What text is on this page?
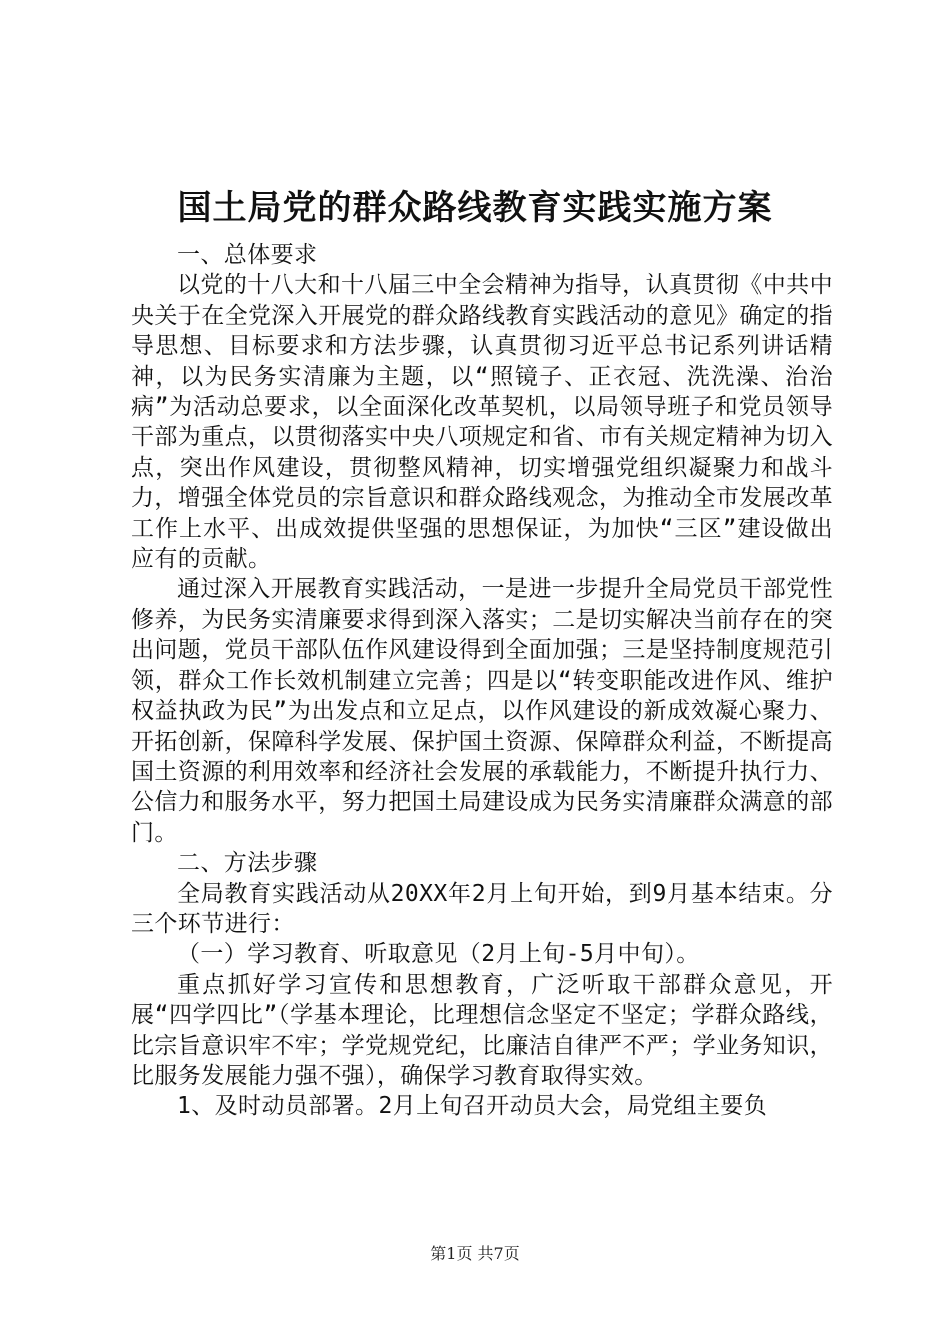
国土局党的群众路线教育实践实施方案

一、总体要求

以党的十八大和十八届三中全会精神为指导，认真贯彻《中共中央关于在全党深入开展党的群众路线教育实践活动的意见》确定的指导思想、目标要求和方法步骤，认真贯彻习近平总书记系列讲话精神，以为民务实清廉为主题，以“照镜子、正衣冠、洗洗澡、治治病”为活动总要求，以全面深化改革契机，以局领导班子和党员领导干部为重点，以贯彻落实中央八项规定和省、市有关规定精神为切入点，突出作风建设，贯彻整风精神，切实增强党组织凝聚力和战斗力，增强全体党员的宗旨意识和群众路线观念，为推动全市发展改革工作上水平、出成效提供坚强的思想保证，为加快“三区”建设做出应有的贡献。

通过深入开展教育实践活动，一是进一步提升全局党员干部党性修养，为民务实清廉要求得到深入落实；二是切实解决当前存在的突出问题，党员干部队伍作风建设得到全面加强；三是坚持制度规范引领，群众工作长效机制建立完善；四是以“转变职能改进作风、维护权益执政为民”为出发点和立足点，以作风建设的新成效凝心聚力、开拓创新，保障科学发展、保护国土资源、保障群众利益，不断提高国土资源的利用效率和经济社会发展的承载能力，不断提升执行力、公信力和服务水平，努力把国土局建设成为民务实清廉群众满意的部门。

二、方法步骤

全局教育实践活动从20XX年2月上旬开始，到9月基本结束。分三个环节进行：

（一）学习教育、听取意见（2月上旬-5月中旬）。

重点抓好学习宣传和思想教育，广泛听取干部群众意见，开展“四学四比”（学基本理论，比理想信念坚定不坚定；学群众路线，比宗旨意识牢不牢；学党规党纪，比廉洁自律严不严；学业务知识，比服务发展能力强不强），确保学习教育取得实效。

1、及时动员部署。2月上旬召开动员大会，局党组主要负

第1页 共7页
